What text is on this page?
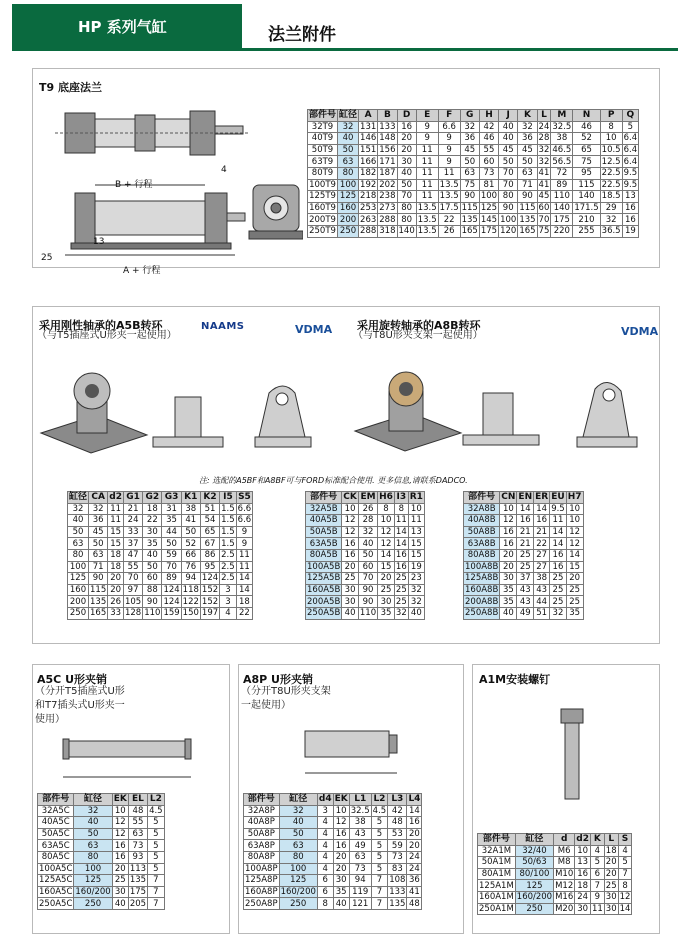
HP 系列气缸	法兰附件
T9 底座法兰
B + 行程
A + 行程
25
13
4
部件号	缸径	A	B	D	E	F	G	H	J	K	L	M	N	P	Q
32T9	32	131	133	16	9	6.6	32	42	40	32	24	32.5	46	8	5
40T9	40	146	148	20	9	9	36	46	40	36	28	38	52	10	6.4
50T9	50	151	156	20	11	9	45	55	45	45	32	46.5	65	10.5	6.4
63T9	63	166	171	30	11	9	50	60	50	50	32	56.5	75	12.5	6.4
80T9	80	182	187	40	11	11	63	73	70	63	41	72	95	22.5	9.5
100T9	100	192	202	50	11	13.5	75	81	70	71	41	89	115	22.5	9.5
125T9	125	218	238	70	11	13.5	90	100	80	90	45	110	140	18.5	13
160T9	160	253	273	80	13.5	17.5	115	125	90	115	60	140	171.5	29	16
200T9	200	263	288	80	13.5	22	135	145	100	135	70	175	210	32	16
250T9	250	288	318	140	13.5	26	165	175	120	165	75	220	255	36.5	19
采用刚性轴承的A5B转环
（与T5插座式U形夹一起使用）
NAAMS	VDMA 采用旋转轴承的A8B转环
（与T8U形夹支架一起使用）	VDMA
注: 选配的A5BF和A8BF可与FORD标准配合使用. 更多信息,请联系DADCO.
缸径	CA	d2	G1	G2	G3	K1	K2	I5	S5
32	32	11	21	18	31	38	51	1.5	6.6
40	36	11	24	22	35	41	54	1.5	6.6
50	45	15	33	30	44	50	65	1.5	9
63	50	15	37	35	50	52	67	1.5	9
80	63	18	47	40	59	66	86	2.5	11
100	71	18	55	50	70	76	95	2.5	11
125	90	20	70	60	89	94	124	2.5	14
160	115	20	97	88	124	118	152	3	14
200	135	26	105	90	124	122	152	3	18
250	165	33	128	110	159	150	197	4	22
部件号	CK	EM	H6	I3	R1
32A5B	10	26	8	8	10
40A5B	12	28	10	11	11
50A5B	12	32	12	14	13
63A5B	16	40	12	14	15
80A5B	16	50	14	16	15
100A5B	20	60	15	16	19
125A5B	25	70	20	25	23
160A5B	30	90	25	25	32
200A5B	30	90	30	25	32
250A5B	40	110	35	32	40
部件号	CN	EN	ER	EU	H7
32A8B	10	14	14	9.5	10
40A8B	12	16	16	11	10
50A8B	16	21	21	14	12
63A8B	16	21	22	14	12
80A8B	20	25	27	16	14
100A8B	20	25	27	16	15
125A8B	30	37	38	25	20
160A8B	35	43	43	25	25
200A8B	35	43	44	25	25
250A8B	40	49	51	32	35
A5C U形夹销
（分开T5插座式U形
和T7插头式U形夹一
使用）
部件号	缸径	EK	EL	L2
32A5C	32	10	48	4.5
40A5C	40	12	55	5
50A5C	50	12	63	5
63A5C	63	16	73	5
80A5C	80	16	93	5
100A5C	100	20	113	5
125A5C	125	25	135	7
160A5C	160/200	30	175	7
250A5C	250	40	205	7
A8P U形夹销
（分开T8U形夹支架
一起使用）
部件号	缸径	d4	EK	L1	L2	L3	L4
32A8P	32	3	10	32.5	4.5	42	14
40A8P	40	4	12	38	5	48	16
50A8P	50	4	16	43	5	53	20
63A8P	63	4	16	49	5	59	20
80A8P	80	4	20	63	5	73	24
100A8P	100	4	20	73	5	83	24
125A8P	125	6	30	94	7	108	36
160A8P	160/200	6	35	119	7	133	41
250A8P	250	8	40	121	7	135	48
A1M安装螺钉
部件号	缸径	d	d2	K	L	S
32A1M	32/40	M6	10	4	18	4
50A1M	50/63	M8	13	5	20	5
80A1M	80/100	M10	16	6	20	7
125A1M	125	M12	18	7	25	8
160A1M	160/200	M16	24	9	30	12
250A1M	250	M20	30	11	30	14
